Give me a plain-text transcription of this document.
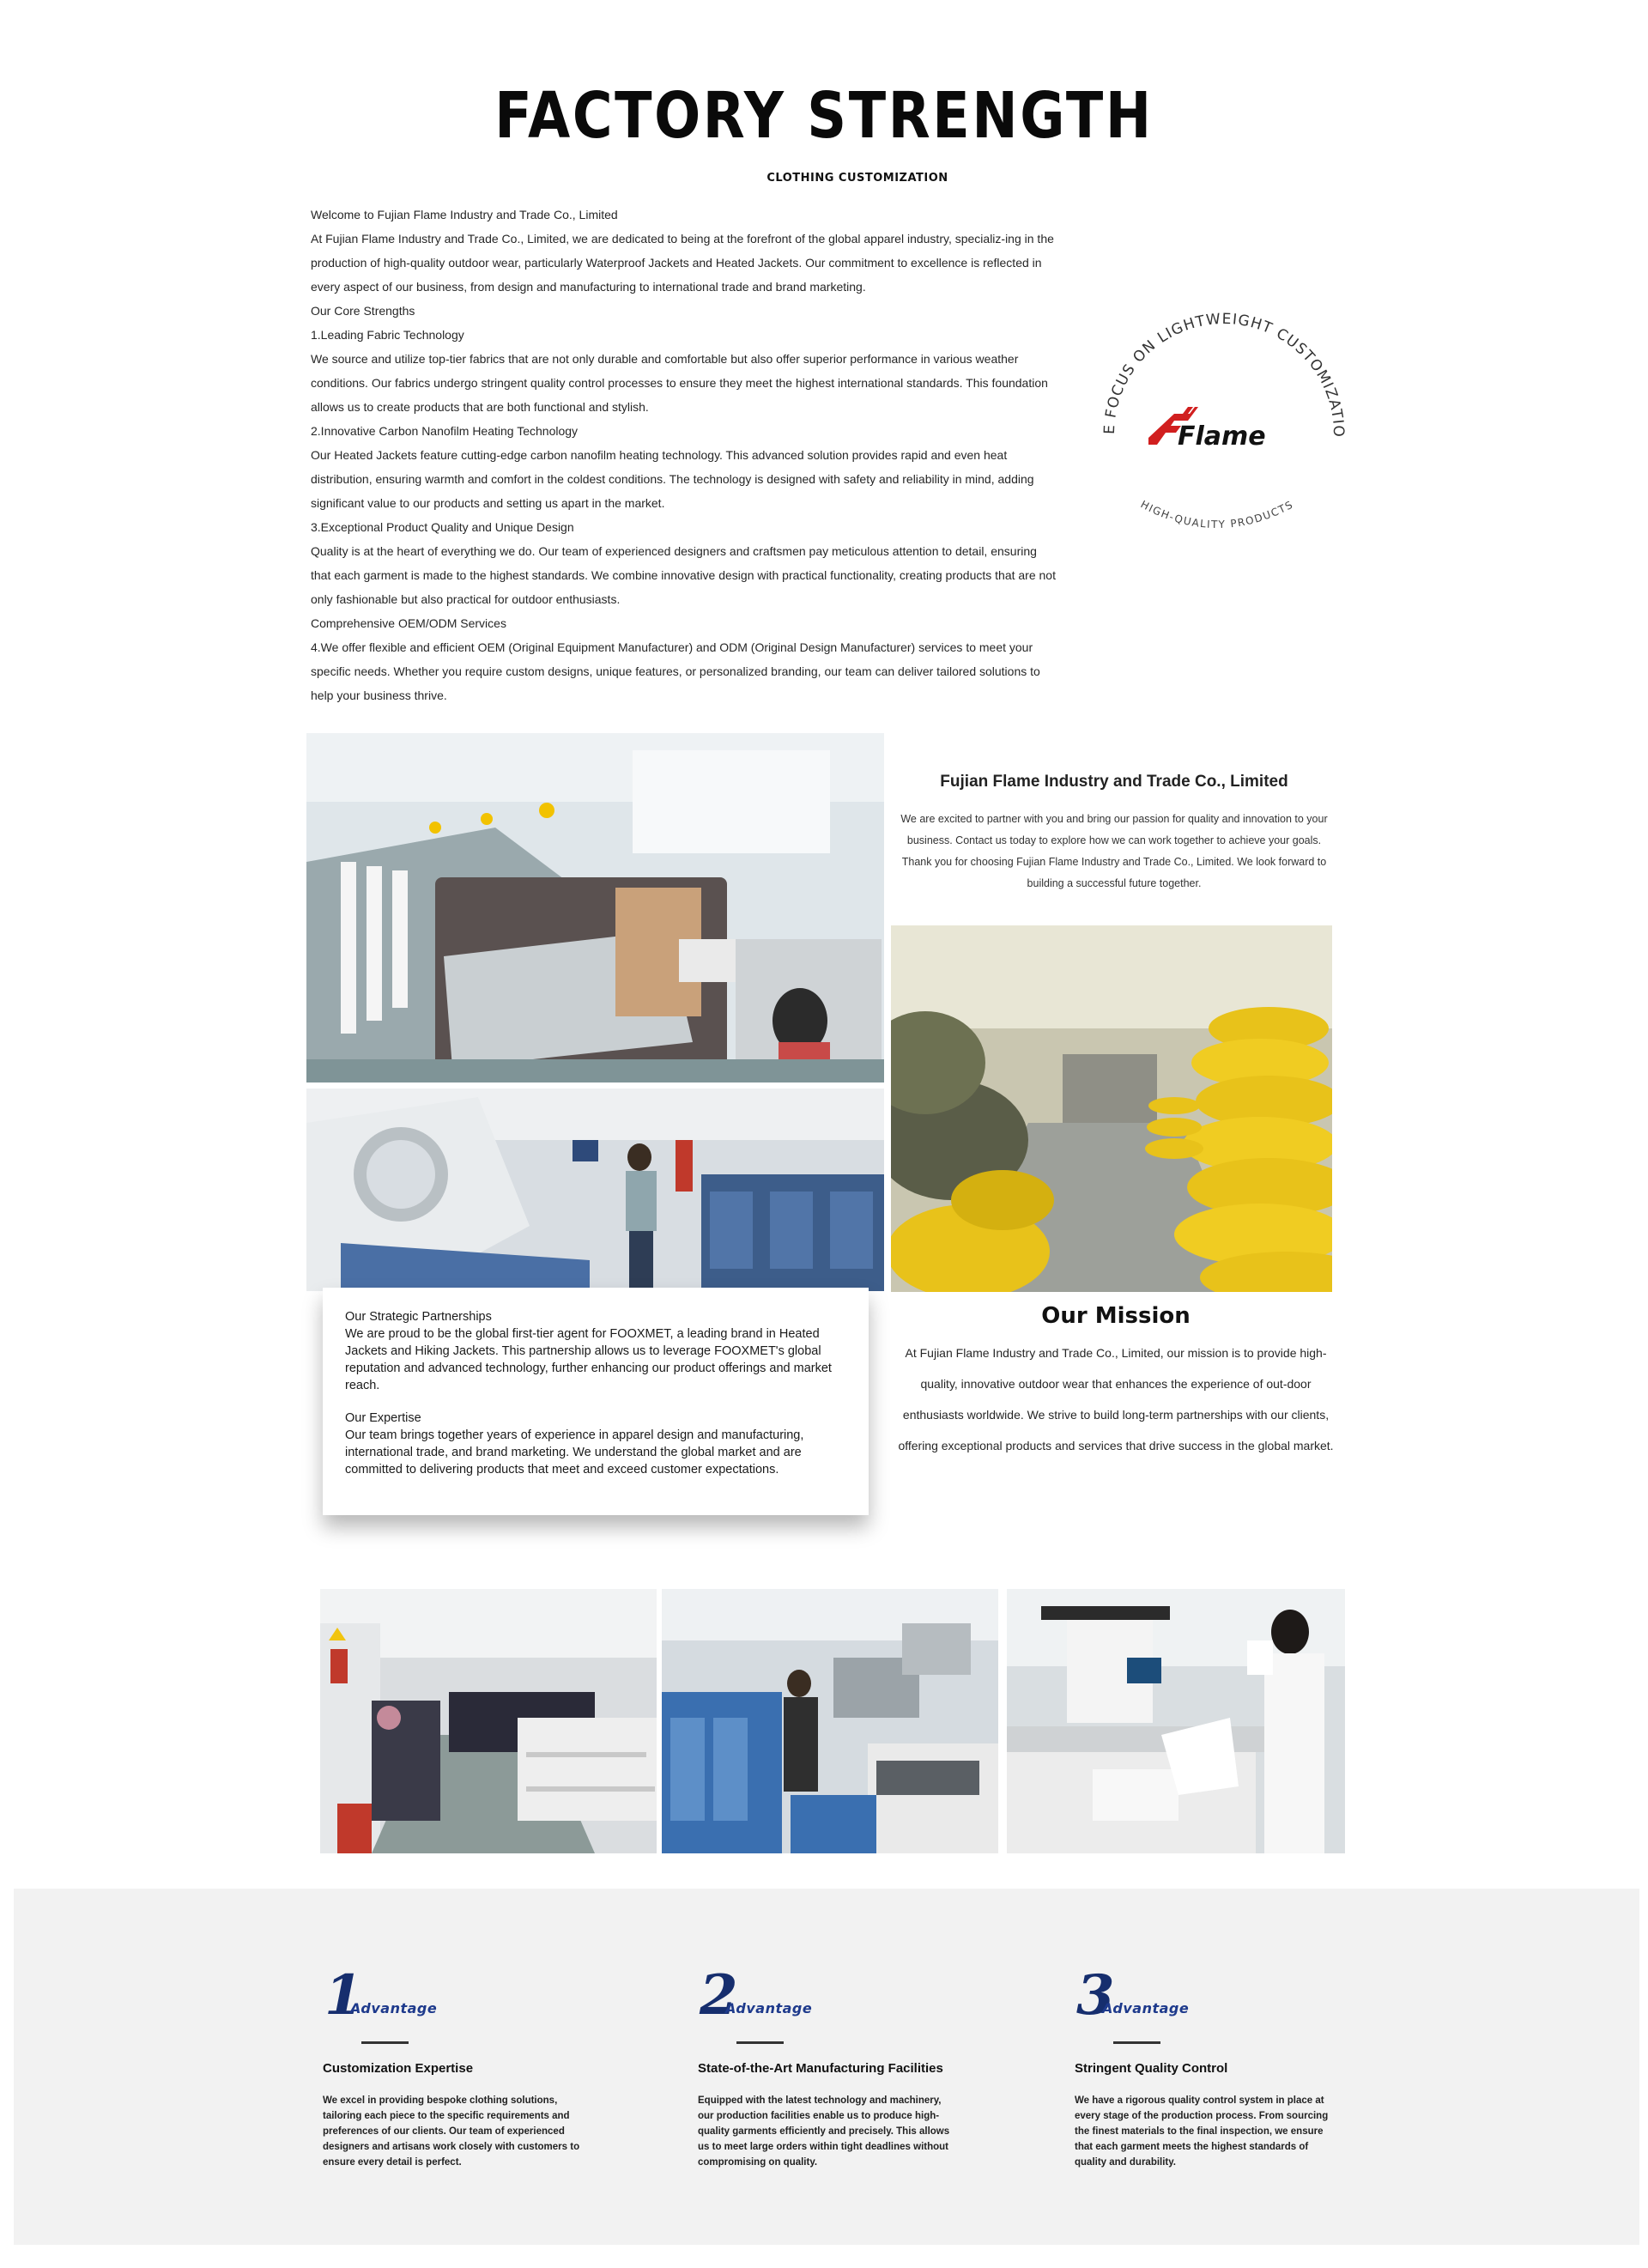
FACTORY STRENGTH
CLOTHING CUSTOMIZATION

Welcome to Fujian Flame Industry and Trade Co., Limited

At Fujian Flame Industry and Trade Co., Limited, we are dedicated to being at the forefront of the global apparel industry, specializ-ing in the production of high-quality outdoor wear, particularly Waterproof Jackets and Heated Jackets. Our commitment to excellence is reflected in every aspect of our business, from design and manufacturing to international trade and brand marketing.

Our Core Strengths

1.Leading Fabric Technology

We source and utilize top-tier fabrics that are not only durable and comfortable but also offer superior performance in various weather conditions. Our fabrics undergo stringent quality control processes to ensure they meet the highest international standards. This foundation allows us to create products that are both functional and stylish.

2.Innovative Carbon Nanofilm Heating Technology

Our Heated Jackets feature cutting-edge carbon nanofilm heating technology. This advanced solution provides rapid and even heat distribution, ensuring warmth and comfort in the coldest conditions. The technology is designed with safety and reliability in mind, adding significant value to our products and setting us apart in the market.

3.Exceptional Product Quality and Unique Design

Quality is at the heart of everything we do. Our team of experienced designers and craftsmen pay meticulous attention to detail, ensuring that each garment is made to the highest standards. We combine innovative design with practical functionality, creating products that are not only fashionable but also practical for outdoor enthusiasts.

Comprehensive OEM/ODM Services

4.We offer flexible and efficient OEM (Original Equipment Manufacturer) and ODM (Original Design Manufacturer) services to meet your specific needs. Whether you require custom designs, unique features, or personalized branding, our team can deliver tailored solutions to help your business thrive.

E FOCUS ON LIGHTWEIGHT CUSTOMIZATIO
Flame
HIGH-QUALITY PRODUCTS
Fujian Flame Industry and Trade Co., Limited
We are excited to partner with you and bring our passion for quality and innovation to your business. Contact us today to explore how we can work together to achieve your goals.
Thank you for choosing Fujian Flame Industry and Trade Co., Limited. We look forward to building a successful future together.
Our Strategic Partnerships
We are proud to be the global first-tier agent for FOOXMET, a leading brand in Heated Jackets and Hiking Jackets. This partnership allows us to leverage FOOXMET's global reputation and advanced technology, further enhancing our product offerings and market reach.
Our Expertise
Our team brings together years of experience in apparel design and manufacturing, international trade, and brand marketing. We understand the global market and are committed to delivering products that meet and exceed customer expectations.
Our Mission

At Fujian Flame Industry and Trade Co., Limited, our mission is to provide high-quality, innovative outdoor wear that enhances the experience of out-door enthusiasts worldwide. We strive to build long-term partnerships with our clients, offering exceptional products and services that drive success in the global market.

1
Advantage
Customization Expertise
We excel in providing bespoke clothing solutions, tailoring each piece to the specific requirements and preferences of our clients. Our team of experienced designers and artisans work closely with customers to ensure every detail is perfect.
2
Advantage
State-of-the-Art Manufacturing Facilities
Equipped with the latest technology and machinery, our production facilities enable us to produce high-quality garments efficiently and precisely. This allows us to meet large orders within tight deadlines without compromising on quality.
3
Advantage
Stringent Quality Control
We have a rigorous quality control system in place at every stage of the production process. From sourcing the finest materials to the final inspection, we ensure that each garment meets the highest standards of quality and durability.
